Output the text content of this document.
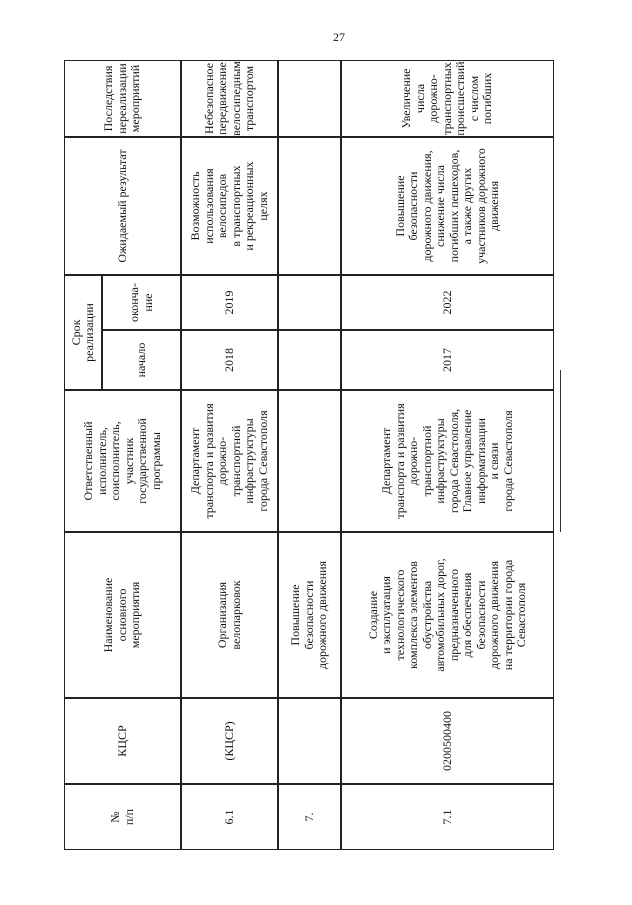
27
№
п/п
КЦСР
Наименование
основного
мероприятия
Ответственный
исполнитель,
соисполнитель,
участник
государственной
программы
Срок
реализации	начало
оконча-
ние
Ожидаемый результат
Последствия
нереализации
мероприятий
6.1
(КЦСР)
Организация
велопарковок
Департамент
транспорта и развития
дорожно-
транспортной
инфраструктуры
города Севастополя
2018
2019
Возможность
использования
велосипедов
в транспортных
и рекреационных
целях
Небезопасное
передвижение
велосипедным
транспортом
7.
Повышение
безопасности
дорожного движения
7.1
0200500400
Создание
и эксплуатация
технологического
комплекса элементов
обустройства
автомобильных дорог,
предназначенного
для обеспечения
безопасности
дорожного движения
на территории города
Севастополя
Департамент
транспорта и развития
дорожно-
транспортной
инфраструктуры
города Севастополя,
Главное управление
информатизации
и связи
города Севастополя
2017
2022
Повышение
безопасности
дорожного движения,
снижение числа
погибших пешеходов,
а также других
участников дорожного
движения
Увеличение числа
дорожно-
транспортных
происшествий
с числом погибших
